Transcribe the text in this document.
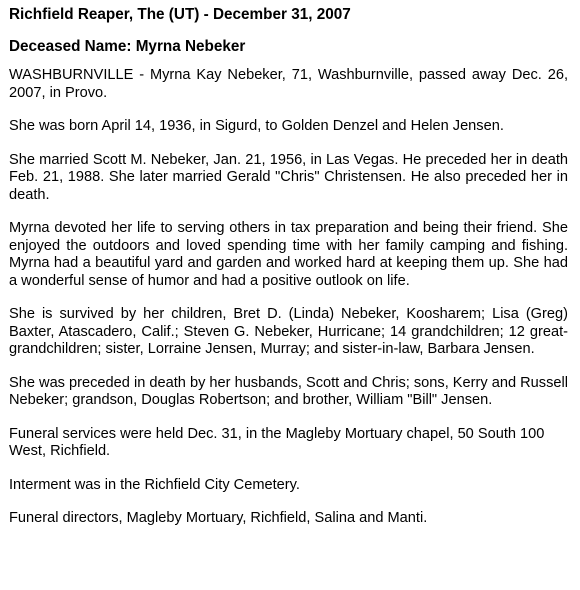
Richfield Reaper, The (UT) - December 31, 2007
Deceased Name: Myrna Nebeker

WASHBURNVILLE - Myrna Kay Nebeker, 71, Washburnville, passed away Dec. 26, 2007, in Provo.

She was born April 14, 1936, in Sigurd, to Golden Denzel and Helen Jensen.

She married Scott M. Nebeker, Jan. 21, 1956, in Las Vegas. He preceded her in death Feb. 21, 1988. She later married Gerald "Chris" Christensen. He also preceded her in death.

Myrna devoted her life to serving others in tax preparation and being their friend. She enjoyed the outdoors and loved spending time with her family camping and fishing. Myrna had a beautiful yard and garden and worked hard at keeping them up. She had a wonderful sense of humor and had a positive outlook on life.

She is survived by her children, Bret D. (Linda) Nebeker, Koosharem; Lisa (Greg) Baxter, Atascadero, Calif.; Steven G. Nebeker, Hurricane; 14 grandchildren; 12 great-grandchildren; sister, Lorraine Jensen, Murray; and sister-in-law, Barbara Jensen.

She was preceded in death by her husbands, Scott and Chris; sons, Kerry and Russell Nebeker; grandson, Douglas Robertson; and brother, William "Bill" Jensen.

Funeral services were held Dec. 31, in the Magleby Mortuary chapel, 50 South 100 West, Richfield.

Interment was in the Richfield City Cemetery.

Funeral directors, Magleby Mortuary, Richfield, Salina and Manti.
